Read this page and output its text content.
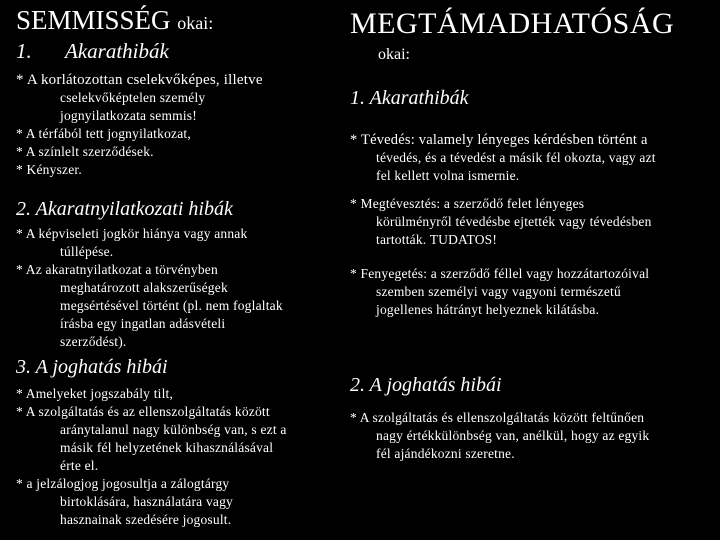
SEMMISSÉG okai:
1. Akarathibák
* A korlátozottan cselekvőképes, illetve
cselekvőképtelen személy
jognyilatkozata semmis!
* A térfából tett jognyilatkozat,
* A színlelt szerződések.
* Kényszer.
2. Akaratnyilatkozati hibák
* A képviseleti jogkör hiánya vagy annak
túllépése.
* Az akaratnyilatkozat a törvényben
meghatározott alakszerűségek
megsértésével történt (pl. nem foglaltak
írásba egy ingatlan adásvételi
szerződést).
3. A joghatás hibái
* Amelyeket jogszabály tilt,
* A szolgáltatás és az ellenszolgáltatás között
aránytalanul nagy különbség van, s ezt a
másik fél helyzetének kihasználásával
érte el.
* a jelzálogjog jogosultja a zálogtárgy
birtoklására, használatára vagy
hasznainak szedésére jogosult.
MEGTÁMADHATÓSÁG
okai:
1. Akarathibák
* Tévedés: valamely lényeges kérdésben történt a
tévedés, és a tévedést a másik fél okozta, vagy azt
fel kellett volna ismernie.
* Megtévesztés: a szerződő felet lényeges
körülményről tévedésbe ejtették vagy tévedésben
tartották. TUDATOS!
* Fenyegetés: a szerződő féllel vagy hozzátartozóival
szemben személyi vagy vagyoni természetű
jogellenes hátrányt helyeznek kilátásba.
2. A joghatás hibái
* A szolgáltatás és ellenszolgáltatás között feltűnően
nagy értékkülönbség van, anélkül, hogy az egyik
fél ajándékozni szeretne.
